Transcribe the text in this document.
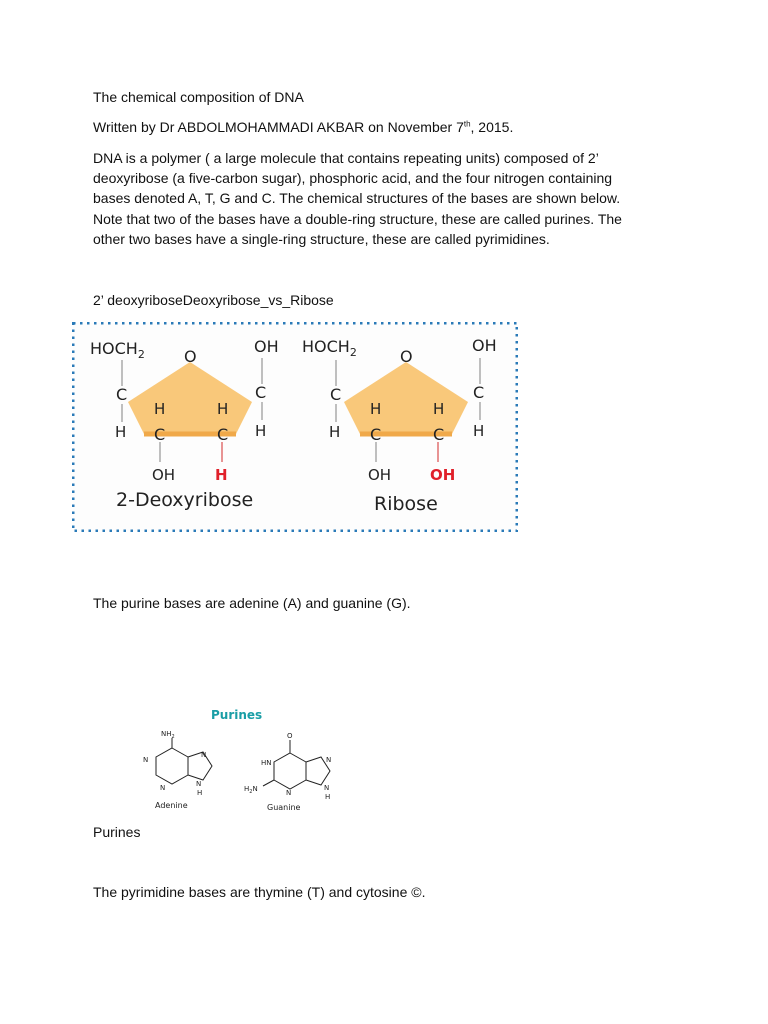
The chemical composition of DNA

Written by Dr ABDOLMOHAMMADI AKBAR on November 7th, 2015.

DNA is a polymer ( a large molecule that contains repeating units) composed of 2’
deoxyribose (a five-carbon sugar), phosphoric acid, and the four nitrogen containing
bases denoted A, T, G and C. The chemical structures of the bases are shown below.
Note that two of the bases have a double-ring structure, these are called purines. The
other two bases have a single-ring structure, these are called pyrimidines.

2’ deoxyriboseDeoxyribose_vs_Ribose

$HOCH_2$ O
OH
C
H
C
H
H	H
C	C
OH	H
2-Deoxyribose
$HOCH_2$	O
OH
C
H
C
H
H	H
C	C
OH	OH
Ribose

The purine bases are adenine (A) and guanine (G).

Purines
$NH_2$
N
N
N
N
H
Adenine
O
HN
$H_2N$	N
N
N
H
Guanine

Purines

The pyrimidine bases are thymine (T) and cytosine ©.
